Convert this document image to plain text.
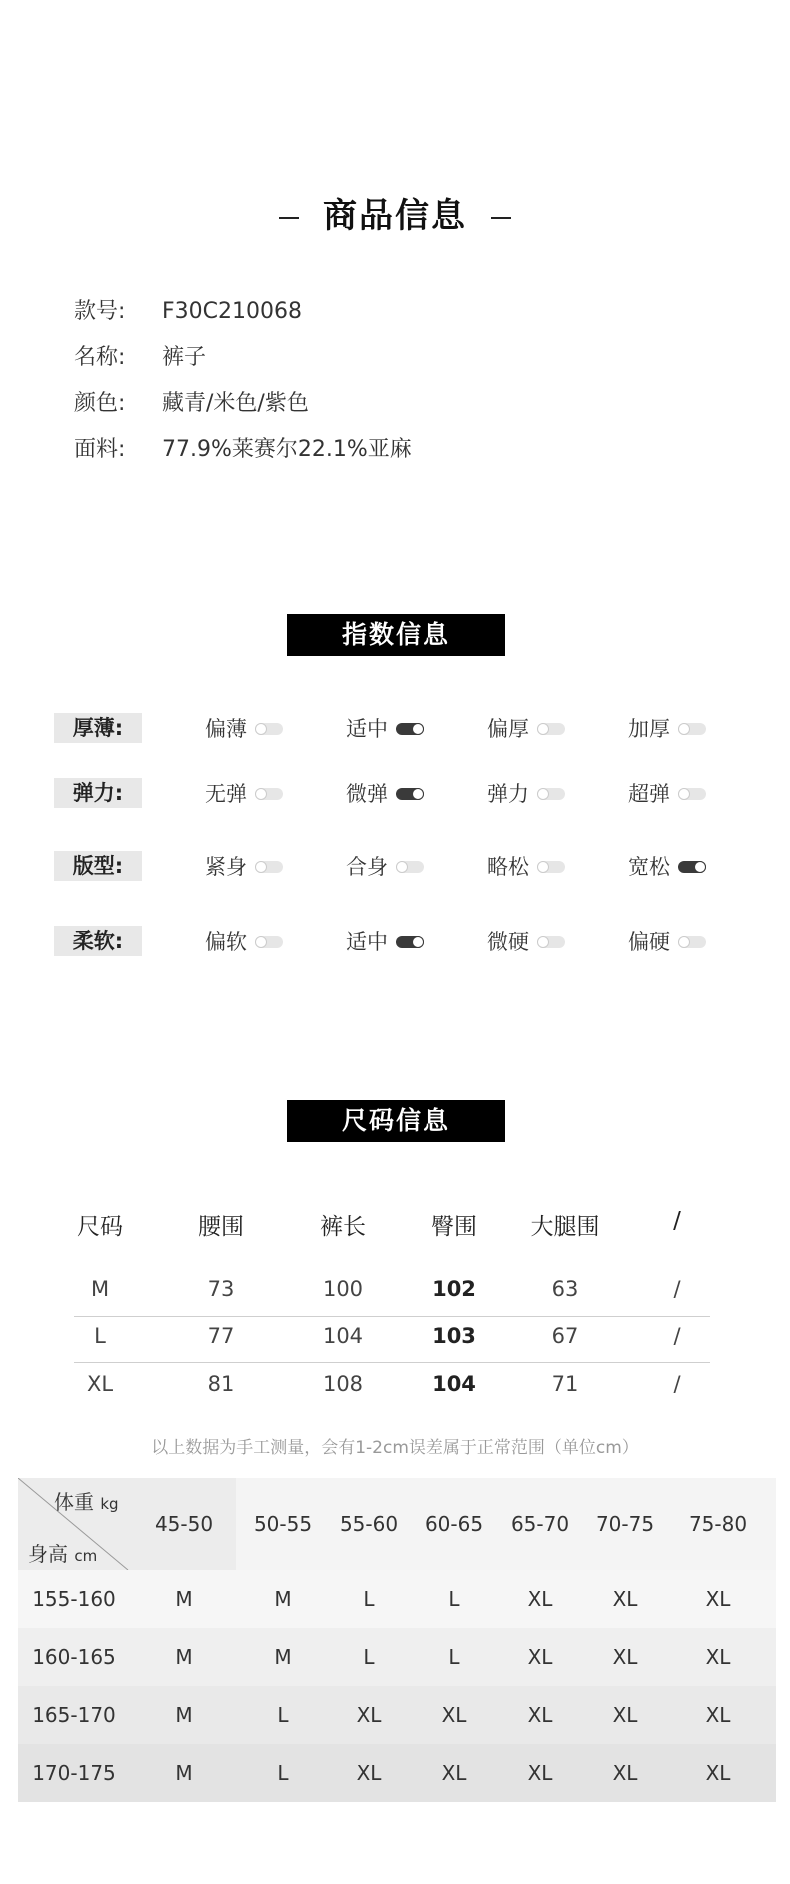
商品信息
款号: F30C210068
名称: 裤子
颜色: 藏青/米色/紫色
面料: 77.9%莱赛尔22.1%亚麻
指数信息
厚薄:	偏薄	适中	偏厚	加厚
弹力:	无弹	微弹	弹力	超弹
版型:	紧身	合身	略松	宽松
柔软:	偏软	适中	微硬	偏硬
尺码信息
尺码	腰围	裤长	臀围	大腿围	/
M	73	100	102	63	/
L	77	104	103	67	/
XL	81	108	104	71	/
以上数据为手工测量，会有1-2cm误差属于正常范围（单位cm）
体重 kg
身高 cm
45-50	50-55	55-60	60-65	65-70	70-75	75-80
155-160	M	M	L	L	XL	XL	XL
160-165	M	M	L	L	XL	XL	XL
165-170	M	L	XL	XL	XL	XL	XL
170-175	M	L	XL	XL	XL	XL	XL
